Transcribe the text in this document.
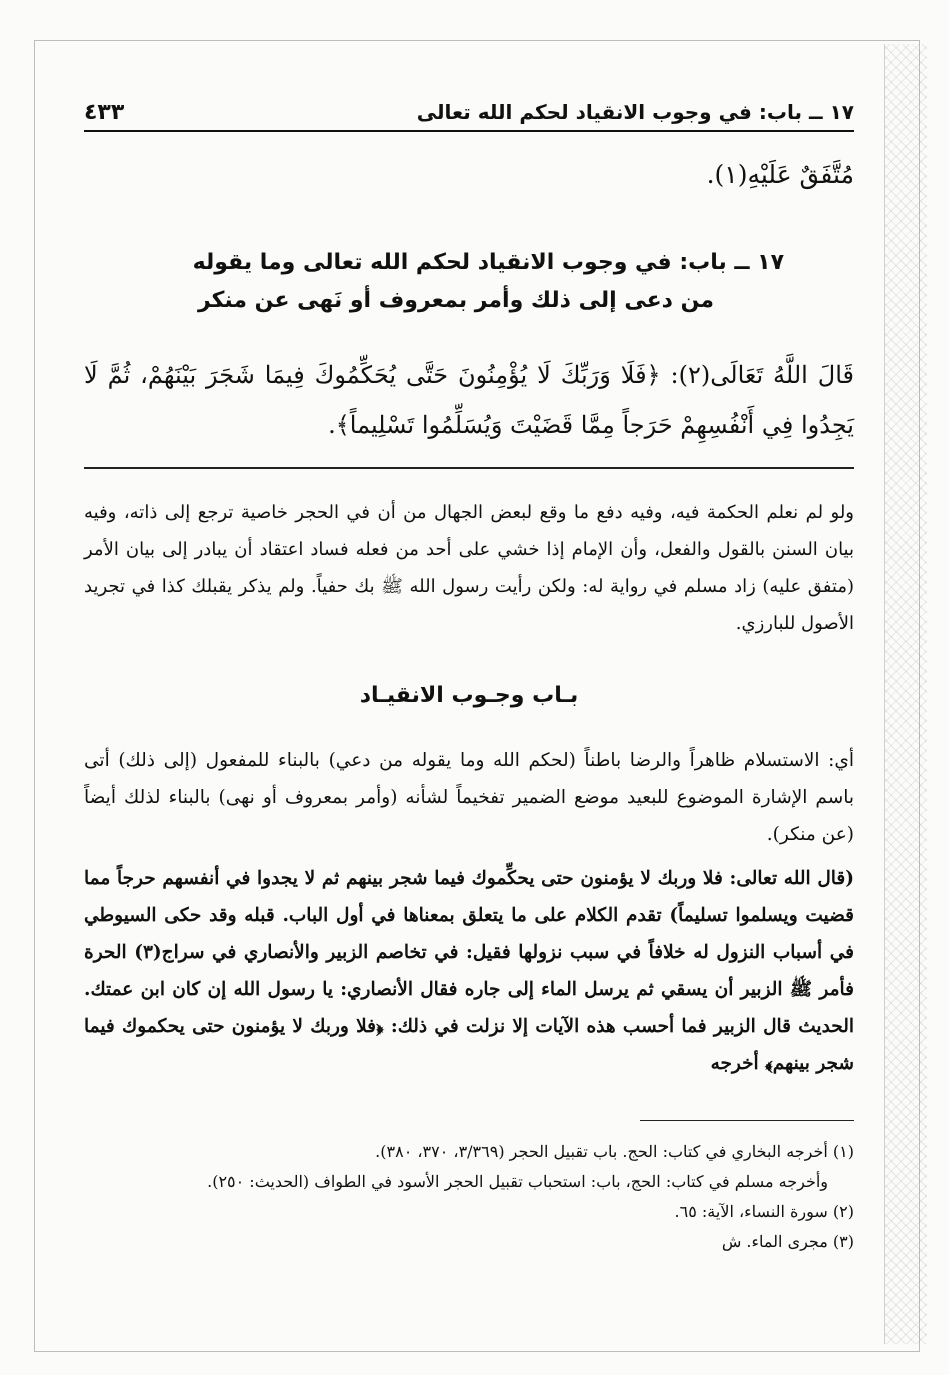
١٧ ــ باب: في وجوب الانقياد لحكم الله تعالى
٤٣٣
مُتَّفَقٌ عَلَيْهِ(١).
١٧ ــ باب: في وجوب الانقياد لحكم الله تعالى وما يقوله
من دعى إلى ذلك وأمر بمعروف أو نَهى عن منكر
قَالَ اللَّهُ تَعَالَى(٢): ﴿فَلَا وَرَبِّكَ لَا يُؤْمِنُونَ حَتَّى يُحَكِّمُوكَ فِيمَا شَجَرَ بَيْنَهُمْ، ثُمَّ لَا يَجِدُوا فِي أَنْفُسِهِمْ حَرَجاً مِمَّا قَضَيْتَ وَيُسَلِّمُوا تَسْلِيماً﴾.
ولو لم نعلم الحكمة فيه، وفيه دفع ما وقع لبعض الجهال من أن في الحجر خاصية ترجع إلى ذاته، وفيه بيان السنن بالقول والفعل، وأن الإمام إذا خشي على أحد من فعله فساد اعتقاد أن يبادر إلى بيان الأمر (متفق عليه) زاد مسلم في رواية له: ولكن رأيت رسول الله ﷺ بك حفياً. ولم يذكر يقبلك كذا في تجريد الأصول للبارزي.
بـاب وجـوب الانقيـاد

أي: الاستسلام ظاهراً والرضا باطناً (لحكم الله وما يقوله من دعي) بالبناء للمفعول (إلى ذلك) أتى باسم الإشارة الموضوع للبعيد موضع الضمير تفخيماً لشأنه (وأمر بمعروف أو نهى) بالبناء لذلك أيضاً (عن منكر).

(قال الله تعالى: فلا وربك لا يؤمنون حتى يحكِّموك فيما شجر بينهم ثم لا يجدوا في أنفسهم حرجاً مما قضيت ويسلموا تسليماً) تقدم الكلام على ما يتعلق بمعناها في أول الباب. قبله وقد حكى السيوطي في أسباب النزول له خلافاً في سبب نزولها فقيل: في تخاصم الزبير والأنصاري في سراج(٣) الحرة فأمر ﷺ الزبير أن يسقي ثم يرسل الماء إلى جاره فقال الأنصاري: يا رسول الله إن كان ابن عمتك. الحديث قال الزبير فما أحسب هذه الآيات إلا نزلت في ذلك: ﴿فلا وربك لا يؤمنون حتى يحكموك فيما شجر بينهم﴾ أخرجه

(١) أخرجه البخاري في كتاب: الحج. باب تقبيل الحجر (٣/٣٦٩، ٣٧٠، ٣٨٠).
وأخرجه مسلم في كتاب: الحج، باب: استحباب تقبيل الحجر الأسود في الطواف (الحديث: ٢٥٠).
(٢) سورة النساء، الآية: ٦٥.
(٣) مجرى الماء. ش
